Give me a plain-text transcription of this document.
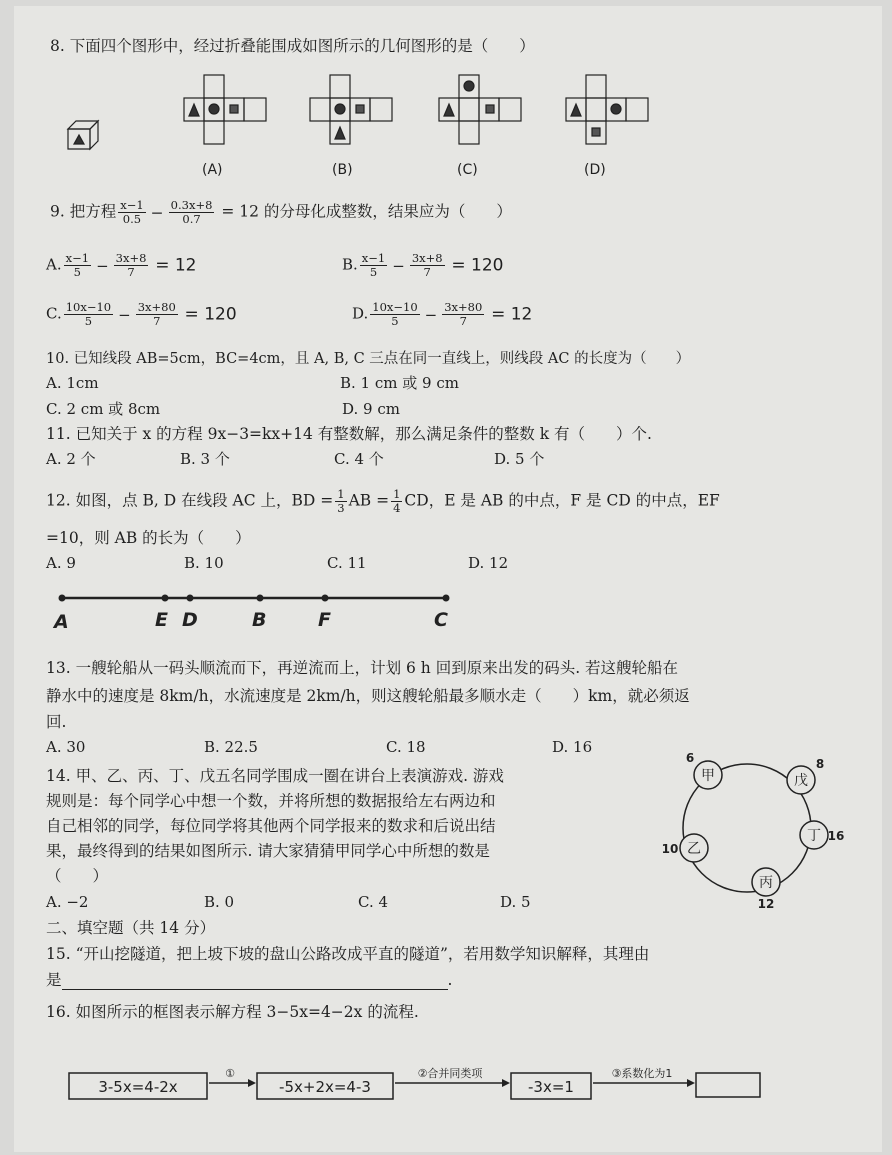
8. 下面四个图形中，经过折叠能围成如图所示的几何图形的是（　　）
(A)	(B)	(C)	(D)
9. 把方程 $\frac{x-1}{0.5} - \frac{0.3x+8}{0.7} = 12$ 的分母化成整数，结果应为（　　）
A. $\frac{x-1}{5} - \frac{3x+8}{7} = 12$	B. $\frac{x-1}{5} - \frac{3x+8}{7} = 120$
C. $\frac{10x-10}{5} - \frac{3x+80}{7} = 120$	D. $\frac{10x-10}{5} - \frac{3x+80}{7} = 12$
10. 已知线段 AB=5cm，BC=4cm，且 A, B, C 三点在同一直线上，则线段 AC 的长度为（　　）
A. 1cm	B. 1 cm 或 9 cm
C. 2 cm 或 8cm	D. 9 cm
11. 已知关于 x 的方程 9x−3=kx+14 有整数解，那么满足条件的整数 k 有（　　）个.
A. 2 个	B. 3 个	C. 4 个	D. 5 个
12. 如图，点 B, D 在线段 AC 上，BD = $\frac{1}{3}$ AB = $\frac{1}{4}$ CD，E 是 AB 的中点，F 是 CD 的中点，EF
=10，则 AB 的长为（　　）
A. 9	B. 10	C. 11	D. 12
A	E D	B	F	C
13. 一艘轮船从一码头顺流而下，再逆流而上，计划 6 h 回到原来出发的码头. 若这艘轮船在
静水中的速度是 8km/h，水流速度是 2km/h，则这艘轮船最多顺水走（　　）km，就必须返
回.
A. 30	B. 22.5	C. 18	D. 16
14. 甲、乙、丙、丁、戊五名同学围成一圈在讲台上表演游戏. 游戏
规则是：每个同学心中想一个数，并将所想的数据报给左右两边和
自己相邻的同学，每位同学将其他两个同学报来的数求和后说出结
果，最终得到的结果如图所示. 请大家猜猜甲同学心中所想的数是
（　　）
A. −2	B. 0	C. 4	D. 5
甲	戊
丁
丙
乙
6	8
16
12
10
二、填空题（共 14 分）
15. “开山挖隧道，把上坡下坡的盘山公路改成平直的隧道”，若用数学知识解释，其理由
是	.
16. 如图所示的框图表示解方程 3−5x=4−2x 的流程.
3-5x=4-2x	-5x+2x=4-3	-3x=1
①	②合并同类项	③系数化为1
